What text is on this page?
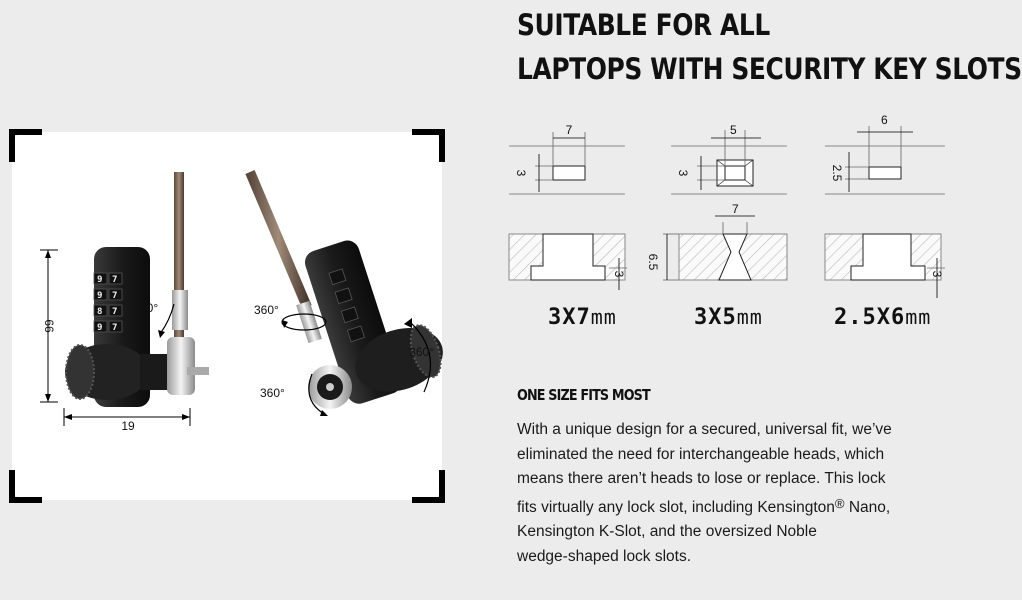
9 7
9 7
8 7
9 7
66
19
90°	360°
360°
360°
SUITABLE FOR ALL
LAPTOPS WITH SECURITY KEY SLOTS
7
3
3
5
3
7
6.5
6
2.5
3
3X7mm	3X5mm	2.5X6mm
ONE SIZE FITS MOST
With a unique design for a secured, universal fit, we’ve
eliminated the need for interchangeable heads, which
means there aren’t heads to lose or replace. This lock
fits virtually any lock slot, including Kensington® Nano,
Kensington K-Slot, and the oversized Noble
wedge-shaped lock slots.
